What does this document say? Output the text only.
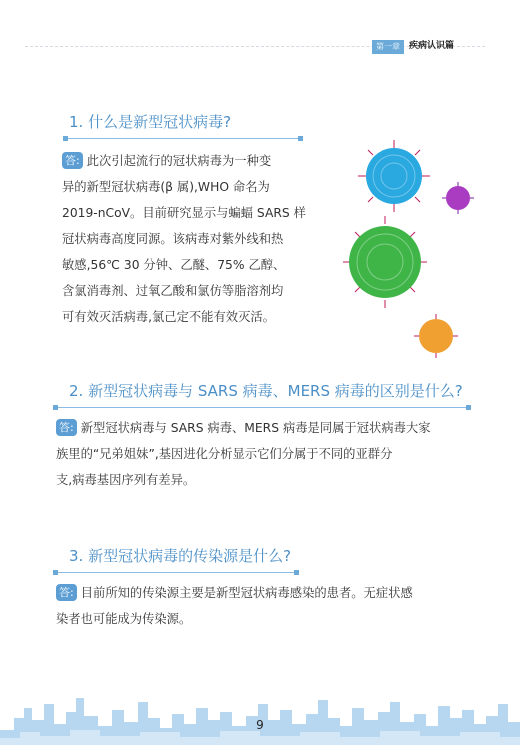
第一章	疾病认识篇
1. 什么是新型冠状病毒?
答: 此次引起流行的冠状病毒为一种变
异的新型冠状病毒(β 属),WHO 命名为
2019-nCoV。目前研究显示与蝙蝠 SARS 样
冠状病毒高度同源。该病毒对紫外线和热
敏感,56℃ 30 分钟、乙醚、75% 乙醇、
含氯消毒剂、过氧乙酸和氯仿等脂溶剂均
可有效灭活病毒,氯己定不能有效灭活。
2. 新型冠状病毒与 SARS 病毒、MERS 病毒的区别是什么?
答: 新型冠状病毒与 SARS 病毒、MERS 病毒是同属于冠状病毒大家
族里的“兄弟姐妹”,基因进化分析显示它们分属于不同的亚群分
支,病毒基因序列有差异。
3. 新型冠状病毒的传染源是什么?
答: 目前所知的传染源主要是新型冠状病毒感染的患者。无症状感
染者也可能成为传染源。
9
